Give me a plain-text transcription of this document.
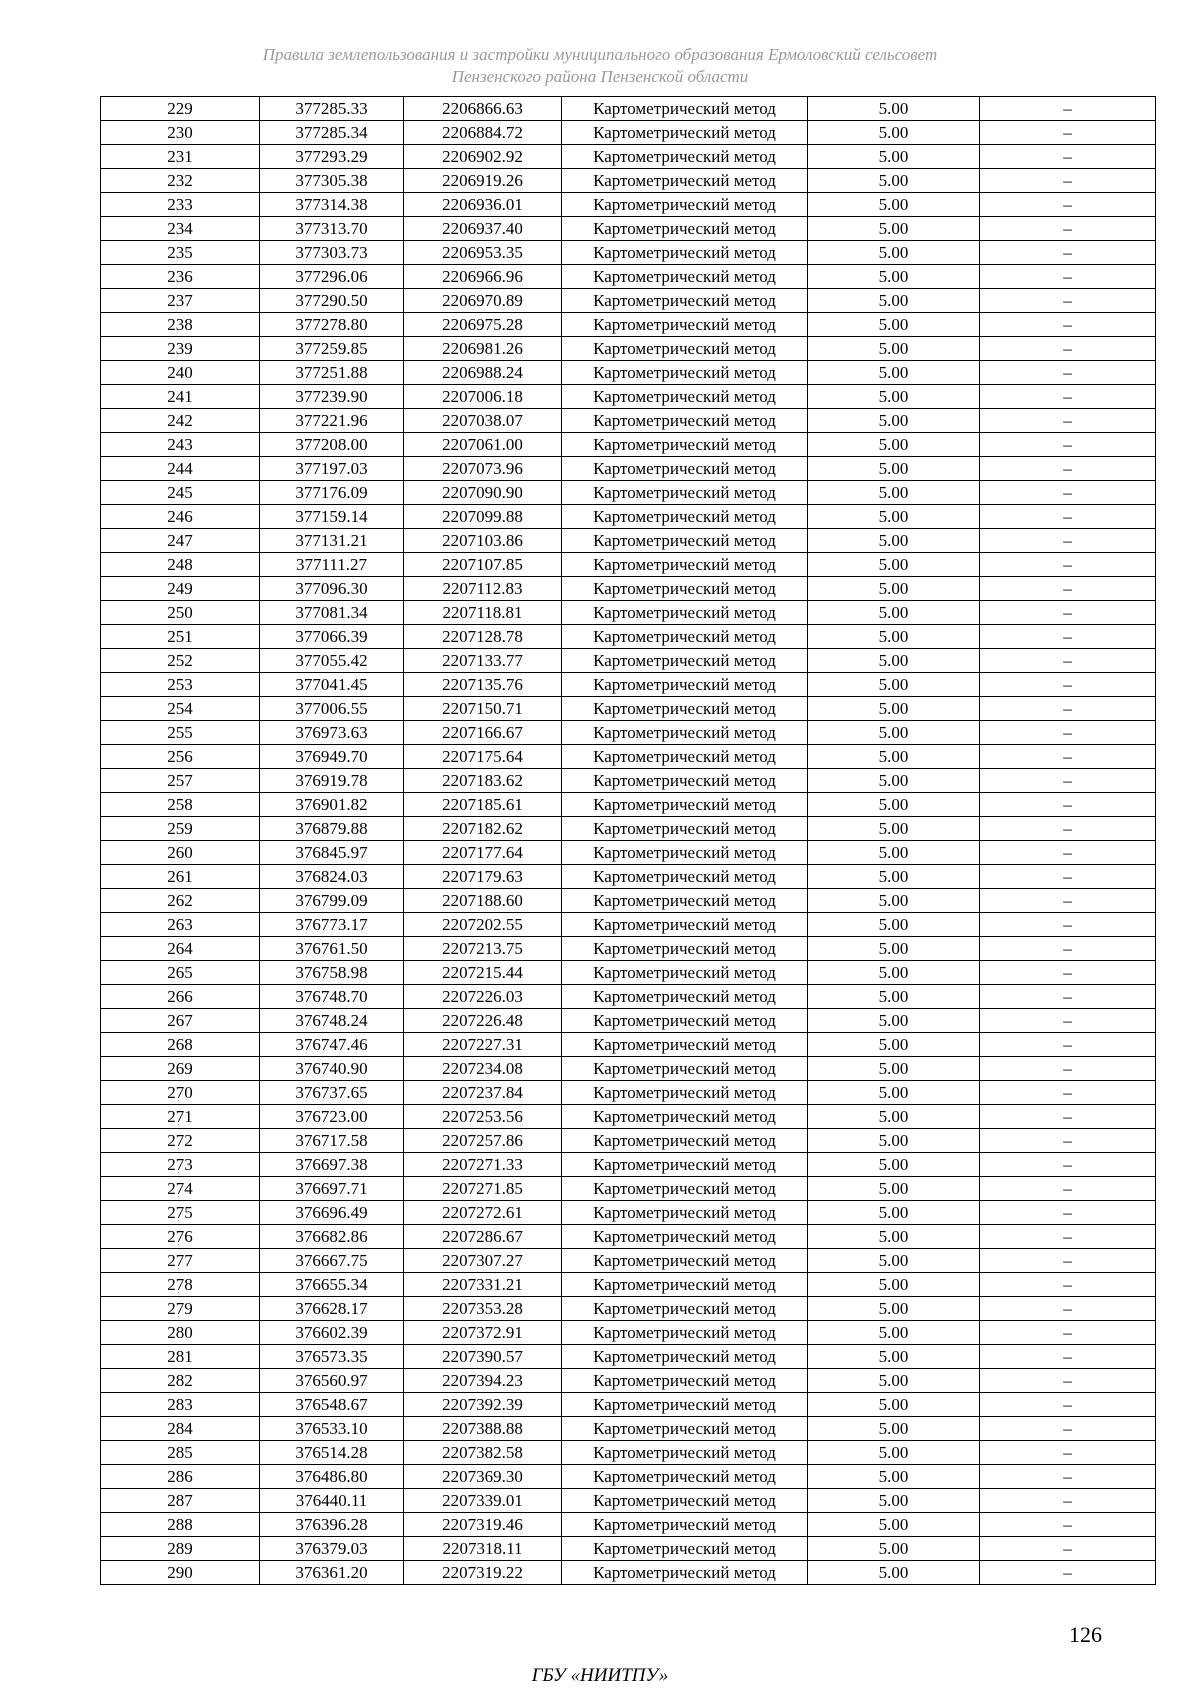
Правила землепользования и застройки муниципального образования Ермоловский сельсовет
Пензенского района Пензенской области
229	377285.33	2206866.63	Картометрический метод	5.00	–
230	377285.34	2206884.72	Картометрический метод	5.00	–
231	377293.29	2206902.92	Картометрический метод	5.00	–
232	377305.38	2206919.26	Картометрический метод	5.00	–
233	377314.38	2206936.01	Картометрический метод	5.00	–
234	377313.70	2206937.40	Картометрический метод	5.00	–
235	377303.73	2206953.35	Картометрический метод	5.00	–
236	377296.06	2206966.96	Картометрический метод	5.00	–
237	377290.50	2206970.89	Картометрический метод	5.00	–
238	377278.80	2206975.28	Картометрический метод	5.00	–
239	377259.85	2206981.26	Картометрический метод	5.00	–
240	377251.88	2206988.24	Картометрический метод	5.00	–
241	377239.90	2207006.18	Картометрический метод	5.00	–
242	377221.96	2207038.07	Картометрический метод	5.00	–
243	377208.00	2207061.00	Картометрический метод	5.00	–
244	377197.03	2207073.96	Картометрический метод	5.00	–
245	377176.09	2207090.90	Картометрический метод	5.00	–
246	377159.14	2207099.88	Картометрический метод	5.00	–
247	377131.21	2207103.86	Картометрический метод	5.00	–
248	377111.27	2207107.85	Картометрический метод	5.00	–
249	377096.30	2207112.83	Картометрический метод	5.00	–
250	377081.34	2207118.81	Картометрический метод	5.00	–
251	377066.39	2207128.78	Картометрический метод	5.00	–
252	377055.42	2207133.77	Картометрический метод	5.00	–
253	377041.45	2207135.76	Картометрический метод	5.00	–
254	377006.55	2207150.71	Картометрический метод	5.00	–
255	376973.63	2207166.67	Картометрический метод	5.00	–
256	376949.70	2207175.64	Картометрический метод	5.00	–
257	376919.78	2207183.62	Картометрический метод	5.00	–
258	376901.82	2207185.61	Картометрический метод	5.00	–
259	376879.88	2207182.62	Картометрический метод	5.00	–
260	376845.97	2207177.64	Картометрический метод	5.00	–
261	376824.03	2207179.63	Картометрический метод	5.00	–
262	376799.09	2207188.60	Картометрический метод	5.00	–
263	376773.17	2207202.55	Картометрический метод	5.00	–
264	376761.50	2207213.75	Картометрический метод	5.00	–
265	376758.98	2207215.44	Картометрический метод	5.00	–
266	376748.70	2207226.03	Картометрический метод	5.00	–
267	376748.24	2207226.48	Картометрический метод	5.00	–
268	376747.46	2207227.31	Картометрический метод	5.00	–
269	376740.90	2207234.08	Картометрический метод	5.00	–
270	376737.65	2207237.84	Картометрический метод	5.00	–
271	376723.00	2207253.56	Картометрический метод	5.00	–
272	376717.58	2207257.86	Картометрический метод	5.00	–
273	376697.38	2207271.33	Картометрический метод	5.00	–
274	376697.71	2207271.85	Картометрический метод	5.00	–
275	376696.49	2207272.61	Картометрический метод	5.00	–
276	376682.86	2207286.67	Картометрический метод	5.00	–
277	376667.75	2207307.27	Картометрический метод	5.00	–
278	376655.34	2207331.21	Картометрический метод	5.00	–
279	376628.17	2207353.28	Картометрический метод	5.00	–
280	376602.39	2207372.91	Картометрический метод	5.00	–
281	376573.35	2207390.57	Картометрический метод	5.00	–
282	376560.97	2207394.23	Картометрический метод	5.00	–
283	376548.67	2207392.39	Картометрический метод	5.00	–
284	376533.10	2207388.88	Картометрический метод	5.00	–
285	376514.28	2207382.58	Картометрический метод	5.00	–
286	376486.80	2207369.30	Картометрический метод	5.00	–
287	376440.11	2207339.01	Картометрический метод	5.00	–
288	376396.28	2207319.46	Картометрический метод	5.00	–
289	376379.03	2207318.11	Картометрический метод	5.00	–
290	376361.20	2207319.22	Картометрический метод	5.00	–
126
ГБУ «НИИТПУ»
